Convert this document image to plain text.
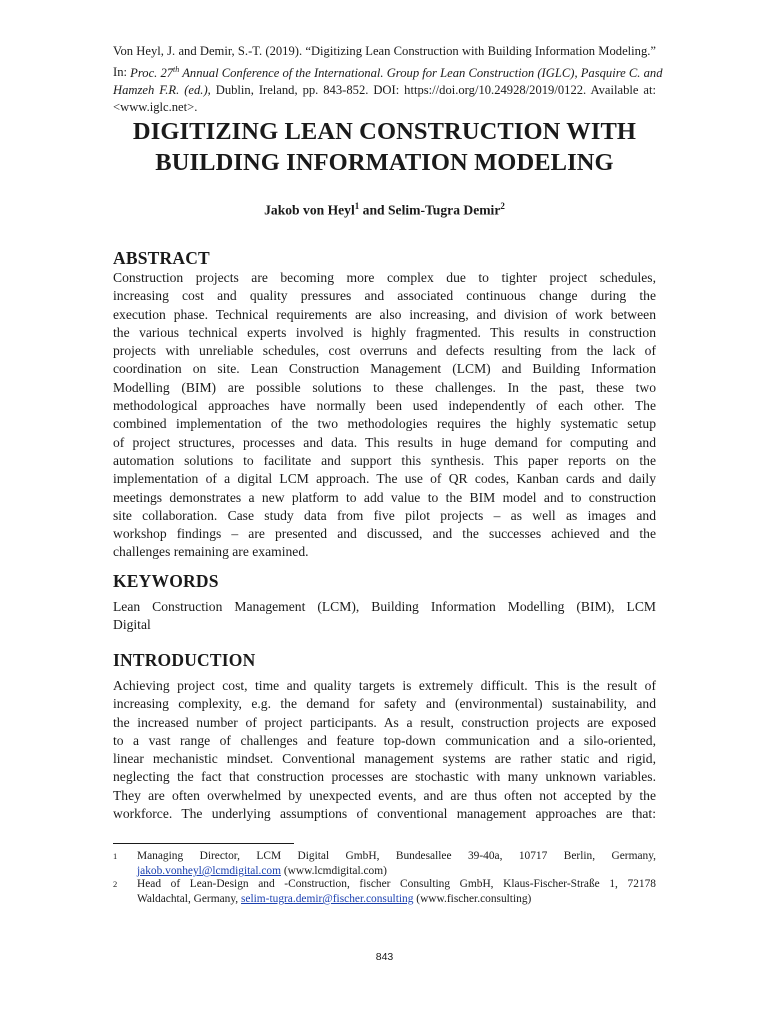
Von Heyl, J. and Demir, S.-T. (2019). “Digitizing Lean Construction with Building Information Modeling.”
In: Proc. 27th Annual Conference of the International. Group for Lean Construction (IGLC), Pasquire C. and
Hamzeh F.R. (ed.), Dublin, Ireland, pp. 843-852. DOI: https://doi.org/10.24928/2019/0122. Available at:
<www.iglc.net>.
DIGITIZING LEAN CONSTRUCTION WITH
BUILDING INFORMATION MODELING
Jakob von Heyl$^1$ and Selim-Tugra Demir$^2$
ABSTRACT
Construction projects are becoming more complex due to tighter project schedules,
increasing cost and quality pressures and associated continuous change during the
execution phase. Technical requirements are also increasing, and division of work between
the various technical experts involved is highly fragmented. This results in construction
projects with unreliable schedules, cost overruns and defects resulting from the lack of
coordination on site. Lean Construction Management (LCM) and Building Information
Modelling (BIM) are possible solutions to these challenges. In the past, these two
methodological approaches have normally been used independently of each other. The
combined implementation of the two methodologies requires the highly systematic setup
of project structures, processes and data. This results in huge demand for computing and
automation solutions to facilitate and support this synthesis. This paper reports on the
implementation of a digital LCM approach. The use of QR codes, Kanban cards and daily
meetings demonstrates a new platform to add value to the BIM model and to construction
site collaboration. Case study data from five pilot projects – as well as images and
workshop findings – are presented and discussed, and the successes achieved and the
challenges remaining are examined.
KEYWORDS
Lean Construction Management (LCM), Building Information Modelling (BIM), LCM
Digital
INTRODUCTION
Achieving project cost, time and quality targets is extremely difficult. This is the result of
increasing complexity, e.g. the demand for safety and (environmental) sustainability, and
the increased number of project participants. As a result, construction projects are exposed
to a vast range of challenges and feature top-down communication and a silo-oriented,
linear mechanistic mindset. Conventional management systems are rather static and rigid,
neglecting the fact that construction processes are stochastic with many unknown variables.
They are often overwhelmed by unexpected events, and are thus often not accepted by the
workforce. The underlying assumptions of conventional management approaches are that:
1 Managing Director, LCM Digital GmbH, Bundesallee 39-40a, 10717 Berlin, Germany,
jakob.vonheyl@lcmdigital.com (www.lcmdigital.com)
2 Head of Lean-Design and -Construction, fischer Consulting GmbH, Klaus-Fischer-Straße 1, 72178
Waldachtal, Germany, selim-tugra.demir@fischer.consulting (www.fischer.consulting)
843
